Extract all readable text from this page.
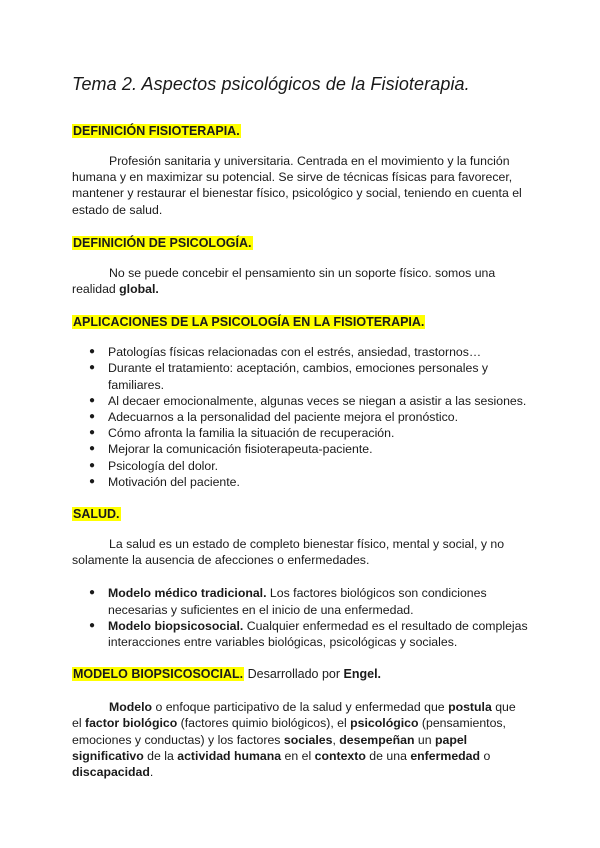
Tema 2. Aspectos psicológicos de la Fisioterapia.
DEFINICIÓN FISIOTERAPIA.

Profesión sanitaria y universitaria. Centrada en el movimiento y la función humana y en maximizar su potencial. Se sirve de técnicas físicas para favorecer, mantener y restaurar el bienestar físico, psicológico y social, teniendo en cuenta el estado de salud.

DEFINICIÓN DE PSICOLOGÍA.

No se puede concebir el pensamiento sin un soporte físico. somos una realidad global.

APLICACIONES DE LA PSICOLOGÍA EN LA FISIOTERAPIA.
● Patologías físicas relacionadas con el estrés, ansiedad, trastornos…
● Durante el tratamiento: aceptación, cambios, emociones personales y familiares.
● Al decaer emocionalmente, algunas veces se niegan a asistir a las sesiones.
● Adecuarnos a la personalidad del paciente mejora el pronóstico.
● Cómo afronta la familia la situación de recuperación.
● Mejorar la comunicación fisioterapeuta-paciente.
● Psicología del dolor.
● Motivación del paciente.
SALUD.

La salud es un estado de completo bienestar físico, mental y social, y no solamente la ausencia de afecciones o enfermedades.

● Modelo médico tradicional. Los factores biológicos son condiciones necesarias y suficientes en el inicio de una enfermedad.
● Modelo biopsicosocial. Cualquier enfermedad es el resultado de complejas interacciones entre variables biológicas, psicológicas y sociales.
MODELO BIOPSICOSOCIAL. Desarrollado por Engel.

Modelo o enfoque participativo de la salud y enfermedad que postula que el factor biológico (factores quimio biológicos), el psicológico (pensamientos, emociones y conductas) y los factores sociales, desempeñan un papel significativo de la actividad humana en el contexto de una enfermedad o discapacidad.
